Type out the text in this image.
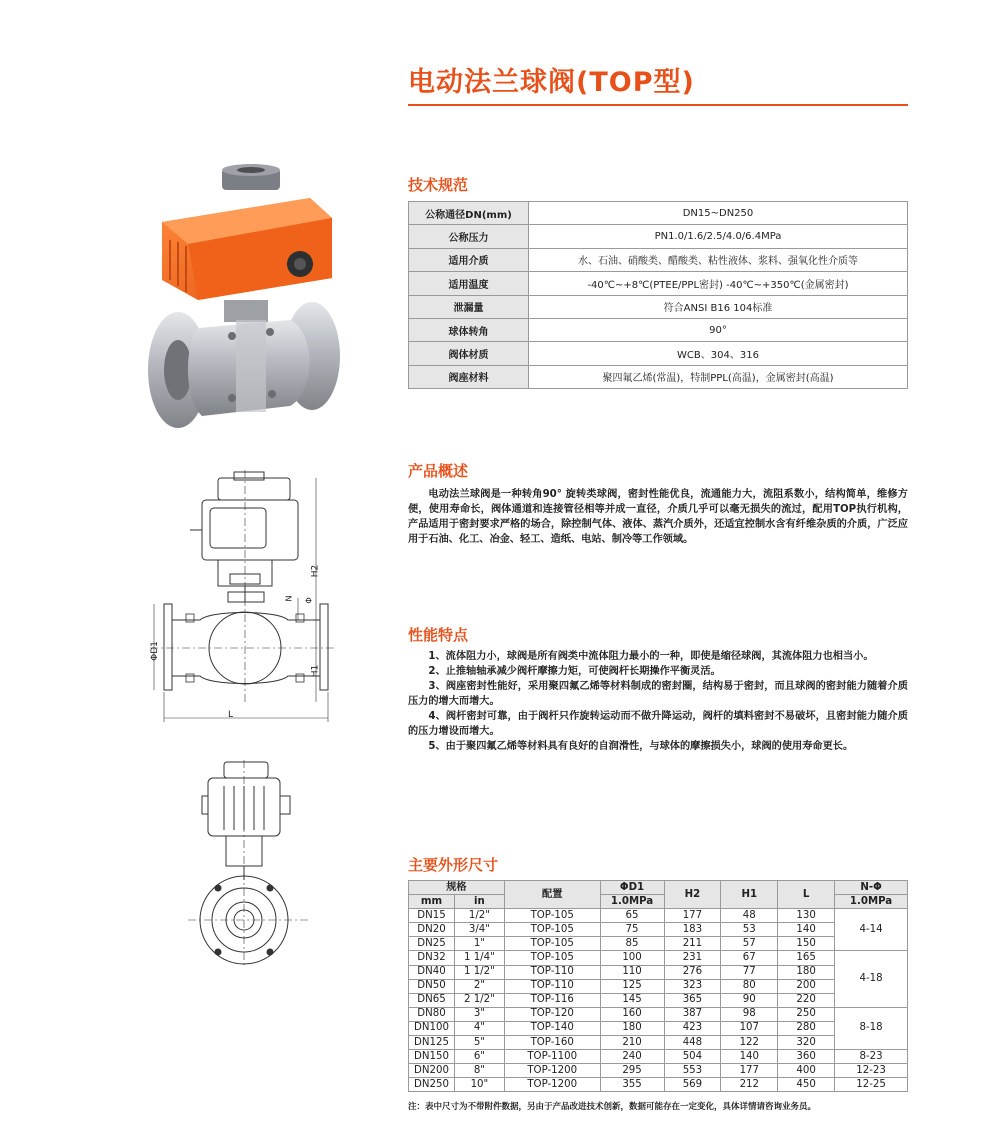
电动法兰球阀(TOP型)
H2
H1
ΦD1
L
N Φ
技术规范
公称通径DN(mm)	DN15~DN250
公称压力	PN1.0/1.6/2.5/4.0/6.4MPa
适用介质	水、石油、硝酸类、醋酸类、粘性液体、浆料、强氧化性介质等
适用温度	-40℃~+8℃(PTEE/PPL密封) -40℃~+350℃(金属密封)
泄漏量	符合ANSI B16 104标准
球体转角	90°
阀体材质	WCB、304、316
阀座材料	聚四氟乙烯(常温)，特制PPL(高温)，金属密封(高温)
产品概述
电动法兰球阀是一种转角90° 旋转类球阀，密封性能优良，流通能力大，流阻系数小，结构简单，维修方便，使用寿命长，阀体通道和连接管径相等并成一直径，介质几乎可以毫无损失的流过，配用TOP执行机构，产品适用于密封要求严格的场合，除控制气体、液体、蒸汽介质外，还适宜控制水含有纤维杂质的介质，广泛应用于石油、化工、冶金、轻工、造纸、电站、制冷等工作领域。
性能特点

1、流体阻力小，球阀是所有阀类中流体阻力最小的一种，即使是缩径球阀，其流体阻力也相当小。

2、止推轴轴承减少阀杆摩擦力矩，可使阀杆长期操作平衡灵活。

3、阀座密封性能好，采用聚四氟乙烯等材料制成的密封圈，结构易于密封，而且球阀的密封能力随着介质压力的增大而增大。

4、阀杆密封可靠，由于阀杆只作旋转运动而不做升降运动，阀杆的填料密封不易破坏，且密封能力随介质的压力增设而增大。

5、由于聚四氟乙烯等材料具有良好的自润滑性，与球体的摩擦损失小，球阀的使用寿命更长。

主要外形尺寸
规格		配置	ΦD1	H2	H1	L	N-Φ
mm	in		1.0MPa				1.0MPa
DN15	1/2"	TOP-105	65	177	48	130	4-14
DN20	3/4"	TOP-105	75	183	53	140	
DN25	1"	TOP-105	85	211	57	150	
DN32	1 1/4"	TOP-105	100	231	67	165	4-18
DN40	1 1/2"	TOP-110	110	276	77	180	
DN50	2"	TOP-110	125	323	80	200	
DN65	2 1/2"	TOP-116	145	365	90	220	
DN80	3"	TOP-120	160	387	98	250	8-18
DN100	4"	TOP-140	180	423	107	280	
DN125	5"	TOP-160	210	448	122	320	
DN150	6"	TOP-1100	240	504	140	360	8-23
DN200	8"	TOP-1200	295	553	177	400	12-23
DN250	10"	TOP-1200	355	569	212	450	12-25
注：表中尺寸为不带附件数据，另由于产品改进技术创新，数据可能存在一定变化，具体详情请咨询业务员。
